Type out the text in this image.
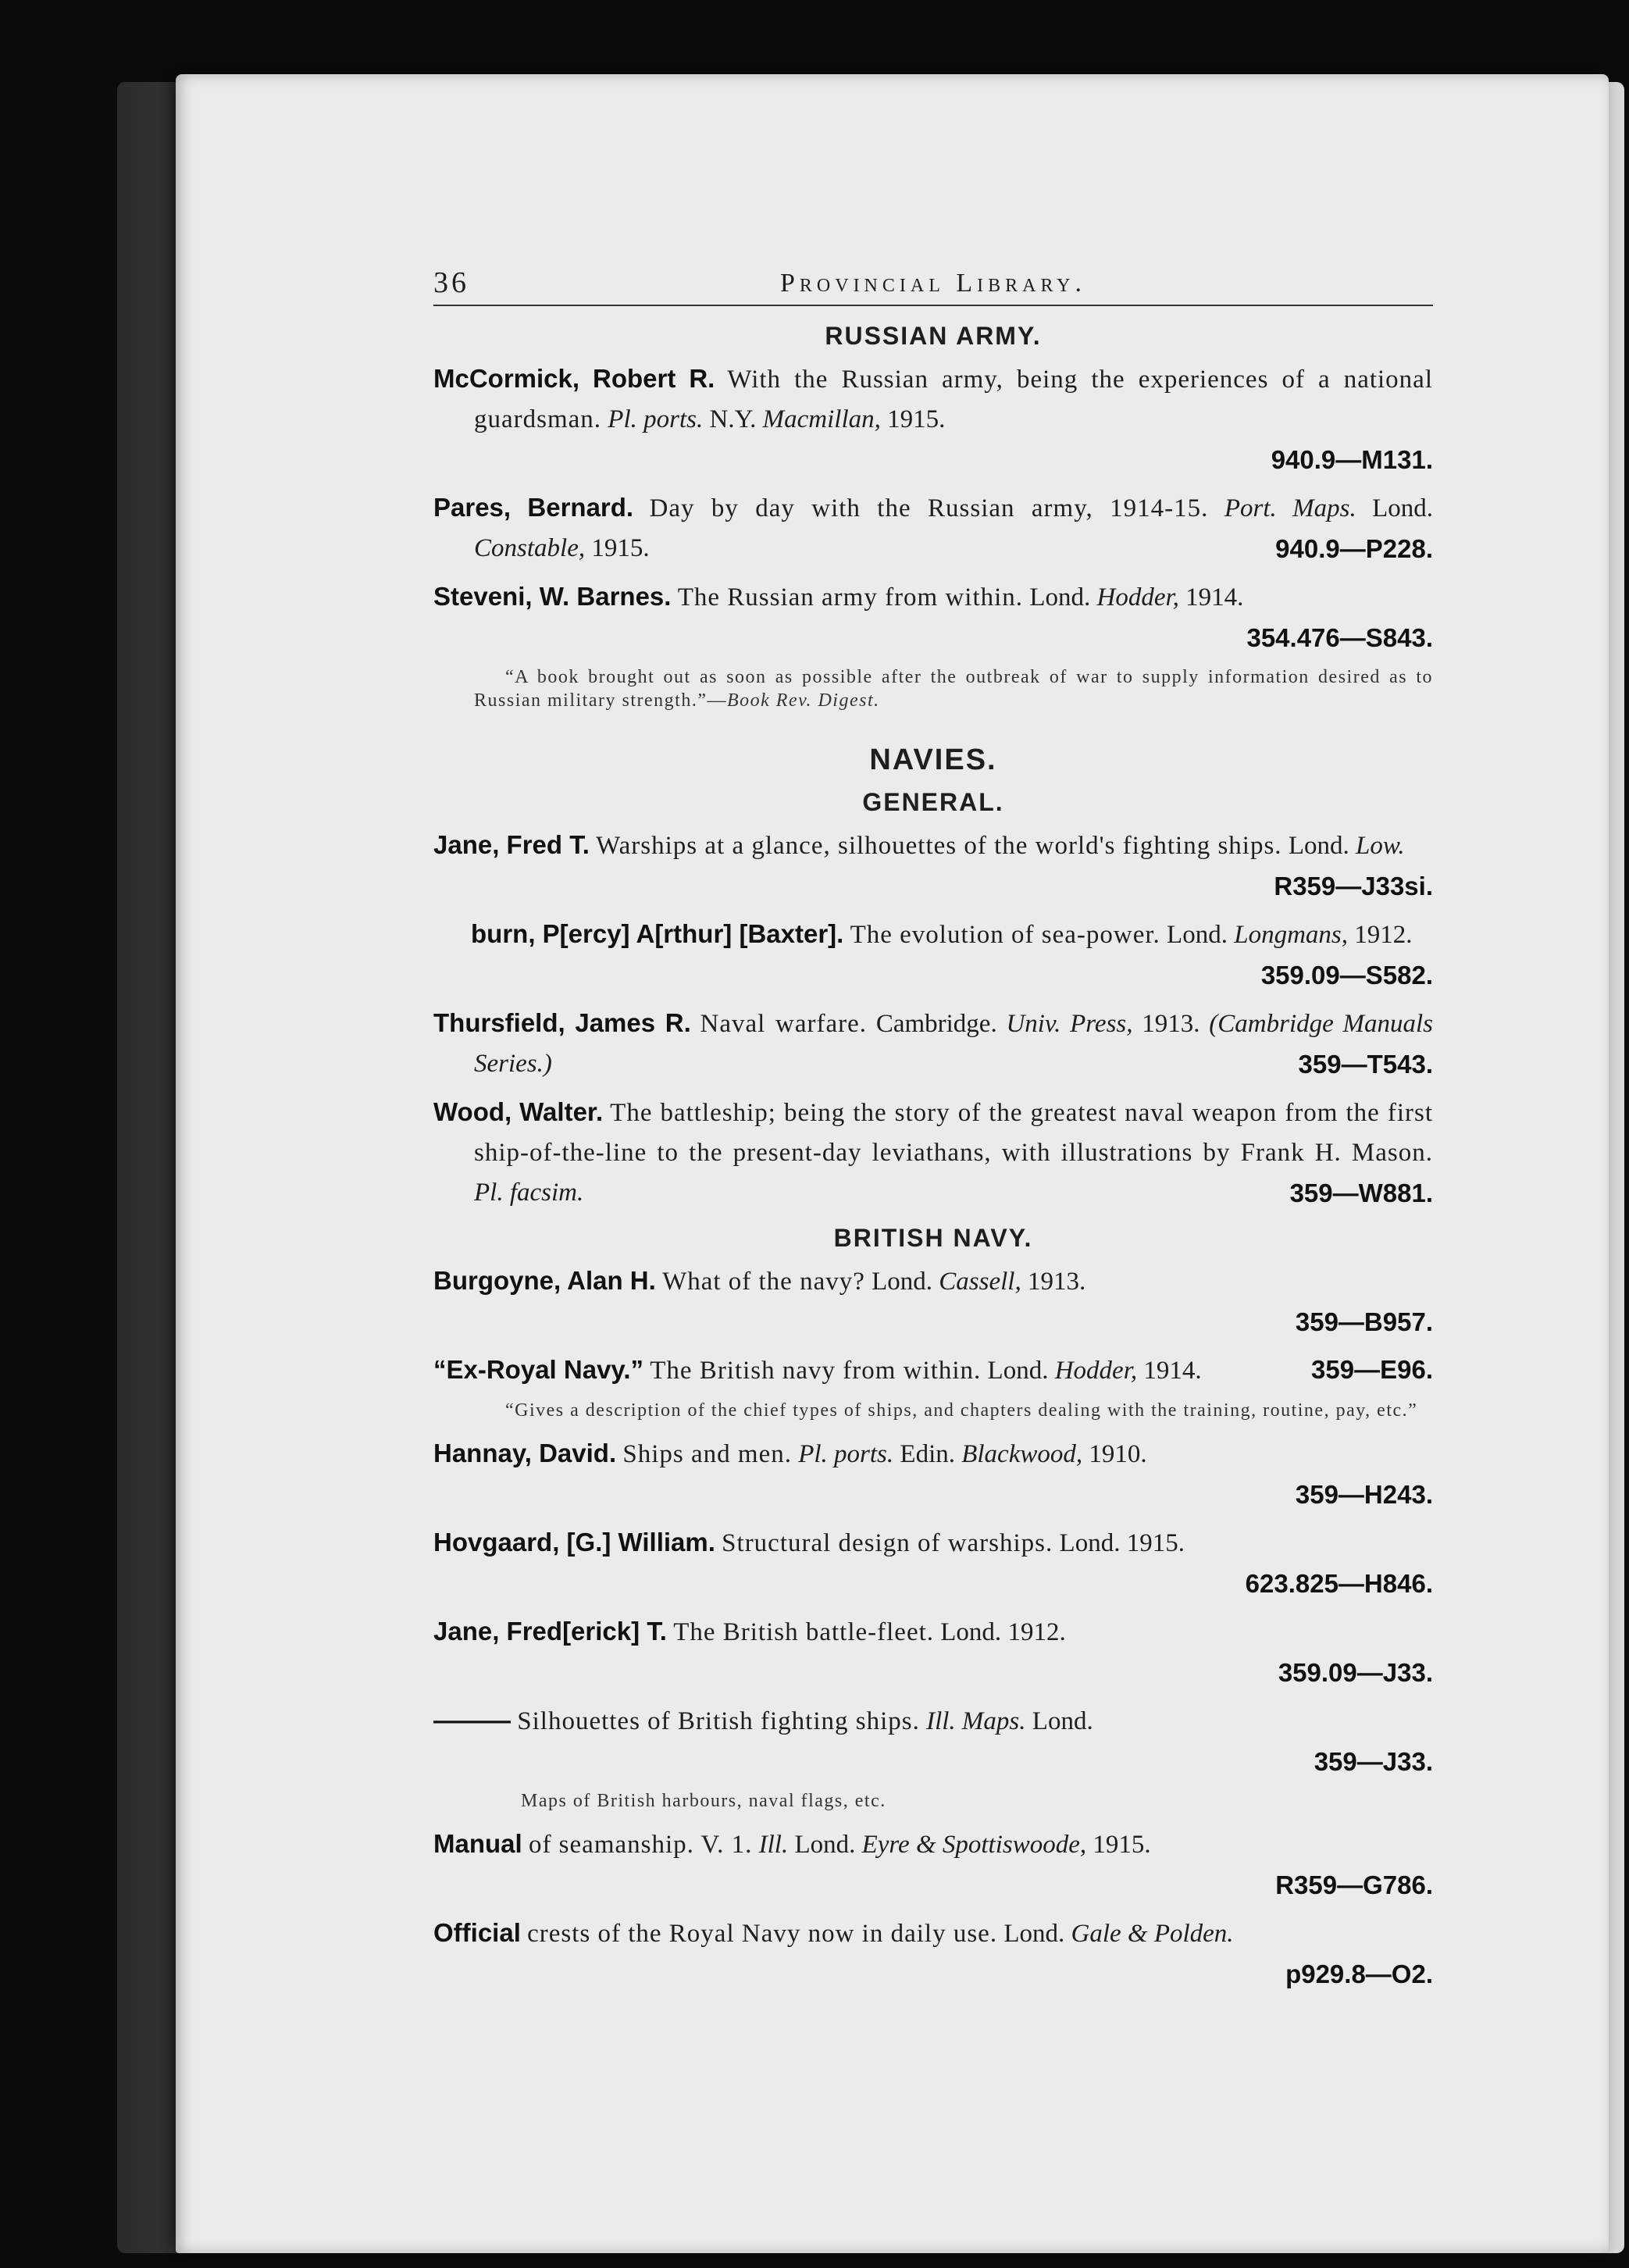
36	Provincial Library.
RUSSIAN ARMY.
McCormick, Robert R. With the Russian army, being the experiences of a national guardsman. Pl. ports. N.Y. Macmillan, 1915.
940.9—M131.
Pares, Bernard. Day by day with the Russian army, 1914-15. Port. Maps. Lond. Constable, 1915.	940.9—P228.
Steveni, W. Barnes. The Russian army from within. Lond. Hodder, 1914.
354.476—S843.
“A book brought out as soon as possible after the outbreak of war to supply information desired as to Russian military strength.”—Book Rev. Digest.
NAVIES.
GENERAL.
Jane, Fred T. Warships at a glance, silhouettes of the world's fighting ships. Lond. Low.
R359—J33si.
burn, P[ercy] A[rthur] [Baxter]. The evolution of sea-power. Lond. Longmans, 1912.
359.09—S582.
Thursfield, James R. Naval warfare. Cambridge. Univ. Press, 1913. (Cambridge Manuals Series.)	359—T543.
Wood, Walter. The battleship; being the story of the greatest naval weapon from the first ship-of-the-line to the present-day leviathans, with illustrations by Frank H. Mason. Pl. facsim.	359—W881.
BRITISH NAVY.
Burgoyne, Alan H. What of the navy? Lond. Cassell, 1913.
359—B957.
“Ex-Royal Navy.” The British navy from within. Lond. Hodder, 1914.	359—E96.
“Gives a description of the chief types of ships, and chapters dealing with the training, routine, pay, etc.”
Hannay, David. Ships and men. Pl. ports. Edin. Blackwood, 1910.
359—H243.
Hovgaard, [G.] William. Structural design of warships. Lond. 1915.
623.825—H846.
Jane, Fred[erick] T. The British battle-fleet. Lond. 1912.
359.09—J33.
——— Silhouettes of British fighting ships. Ill. Maps. Lond.
359—J33.
Maps of British harbours, naval flags, etc.
Manual of seamanship. V. 1. Ill. Lond. Eyre & Spottiswoode, 1915.
R359—G786.
Official crests of the Royal Navy now in daily use. Lond. Gale & Polden.
p929.8—O2.
